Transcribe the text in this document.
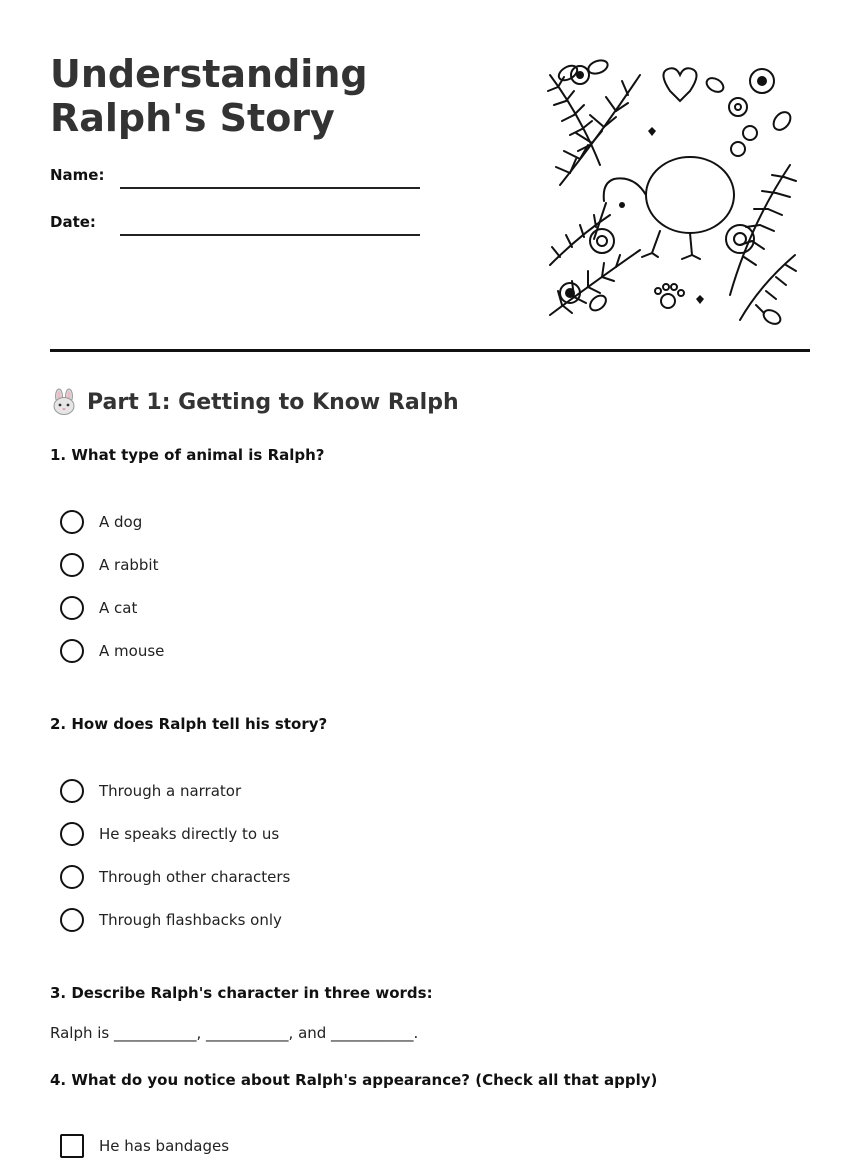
Understanding Ralph's Story
Name:
Date:
Part 1: Getting to Know Ralph
1. What type of animal is Ralph?
A dog
A rabbit
A cat
A mouse
2. How does Ralph tell his story?
Through a narrator
He speaks directly to us
Through other characters
Through flashbacks only
3. Describe Ralph's character in three words:
Ralph is ___________, ___________, and ___________.
4. What do you notice about Ralph's appearance? (Check all that apply)
He has bandages
